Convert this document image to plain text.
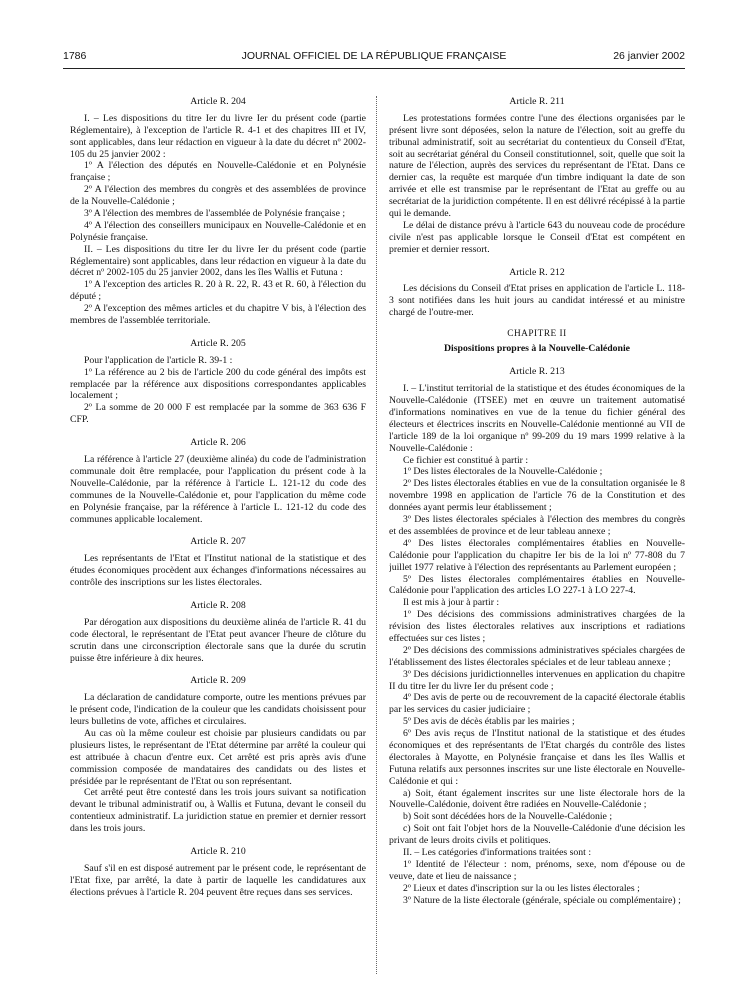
1786	JOURNAL OFFICIEL DE LA RÉPUBLIQUE FRANÇAISE	26 janvier 2002
Article R. 204

I. – Les dispositions du titre Ier du livre Ier du présent code (partie Réglementaire), à l'exception de l'article R. 4-1 et des chapitres III et IV, sont applicables, dans leur rédaction en vigueur à la date du décret nº 2002-105 du 25 janvier 2002 :

1º A l'élection des députés en Nouvelle-Calédonie et en Polynésie française ;

2º A l'élection des membres du congrès et des assemblées de province de la Nouvelle-Calédonie ;

3º A l'élection des membres de l'assemblée de Polynésie française ;

4º A l'élection des conseillers municipaux en Nouvelle-Calédonie et en Polynésie française.

II. – Les dispositions du titre Ier du livre Ier du présent code (partie Réglementaire) sont applicables, dans leur rédaction en vigueur à la date du décret nº 2002-105 du 25 janvier 2002, dans les îles Wallis et Futuna :

1º A l'exception des articles R. 20 à R. 22, R. 43 et R. 60, à l'élection du député ;

2º A l'exception des mêmes articles et du chapitre V bis, à l'élection des membres de l'assemblée territoriale.

Article R. 205

Pour l'application de l'article R. 39-1 :

1º La référence au 2 bis de l'article 200 du code général des impôts est remplacée par la référence aux dispositions correspondantes applicables localement ;

2º La somme de 20 000 F est remplacée par la somme de 363 636 F CFP.

Article R. 206

La référence à l'article 27 (deuxième alinéa) du code de l'administration communale doit être remplacée, pour l'application du présent code à la Nouvelle-Calédonie, par la référence à l'article L. 121-12 du code des communes de la Nouvelle-Calédonie et, pour l'application du même code en Polynésie française, par la référence à l'article L. 121-12 du code des communes applicable localement.

Article R. 207

Les représentants de l'Etat et l'Institut national de la statistique et des études économiques procèdent aux échanges d'informations nécessaires au contrôle des inscriptions sur les listes électorales.

Article R. 208

Par dérogation aux dispositions du deuxième alinéa de l'article R. 41 du code électoral, le représentant de l'Etat peut avancer l'heure de clôture du scrutin dans une circonscription électorale sans que la durée du scrutin puisse être inférieure à dix heures.

Article R. 209

La déclaration de candidature comporte, outre les mentions prévues par le présent code, l'indication de la couleur que les candidats choisissent pour leurs bulletins de vote, affiches et circulaires.

Au cas où la même couleur est choisie par plusieurs candidats ou par plusieurs listes, le représentant de l'Etat détermine par arrêté la couleur qui est attribuée à chacun d'entre eux. Cet arrêté est pris après avis d'une commission composée de mandataires des candidats ou des listes et présidée par le représentant de l'Etat ou son représentant.

Cet arrêté peut être contesté dans les trois jours suivant sa notification devant le tribunal administratif ou, à Wallis et Futuna, devant le conseil du contentieux administratif. La juridiction statue en premier et dernier ressort dans les trois jours.

Article R. 210

Sauf s'il en est disposé autrement par le présent code, le représentant de l'Etat fixe, par arrêté, la date à partir de laquelle les candidatures aux élections prévues à l'article R. 204 peuvent être reçues dans ses services.

Article R. 211

Les protestations formées contre l'une des élections organisées par le présent livre sont déposées, selon la nature de l'élection, soit au greffe du tribunal administratif, soit au secrétariat du contentieux du Conseil d'Etat, soit au secrétariat général du Conseil constitutionnel, soit, quelle que soit la nature de l'élection, auprès des services du représentant de l'Etat. Dans ce dernier cas, la requête est marquée d'un timbre indiquant la date de son arrivée et elle est transmise par le représentant de l'Etat au greffe ou au secrétariat de la juridiction compétente. Il en est délivré récépissé à la partie qui le demande.

Le délai de distance prévu à l'article 643 du nouveau code de procédure civile n'est pas applicable lorsque le Conseil d'Etat est compétent en premier et dernier ressort.

Article R. 212

Les décisions du Conseil d'Etat prises en application de l'article L. 118-3 sont notifiées dans les huit jours au candidat intéressé et au ministre chargé de l'outre-mer.

CHAPITRE II
Dispositions propres à la Nouvelle-Calédonie
Article R. 213

I. – L'institut territorial de la statistique et des études économiques de la Nouvelle-Calédonie (ITSEE) met en œuvre un traitement automatisé d'informations nominatives en vue de la tenue du fichier général des électeurs et électrices inscrits en Nouvelle-Calédonie mentionné au VII de l'article 189 de la loi organique nº 99-209 du 19 mars 1999 relative à la Nouvelle-Calédonie :

Ce fichier est constitué à partir :

1º Des listes électorales de la Nouvelle-Calédonie ;

2º Des listes électorales établies en vue de la consultation organisée le 8 novembre 1998 en application de l'article 76 de la Constitution et des données ayant permis leur établissement ;

3º Des listes électorales spéciales à l'élection des membres du congrès et des assemblées de province et de leur tableau annexe ;

4º Des listes électorales complémentaires établies en Nouvelle-Calédonie pour l'application du chapitre Ier bis de la loi nº 77-808 du 7 juillet 1977 relative à l'élection des représentants au Parlement européen ;

5º Des listes électorales complémentaires établies en Nouvelle-Calédonie pour l'application des articles LO 227-1 à LO 227-4.

Il est mis à jour à partir :

1º Des décisions des commissions administratives chargées de la révision des listes électorales relatives aux inscriptions et radiations effectuées sur ces listes ;

2º Des décisions des commissions administratives spéciales chargées de l'établissement des listes électorales spéciales et de leur tableau annexe ;

3º Des décisions juridictionnelles intervenues en application du chapitre II du titre Ier du livre Ier du présent code ;

4º Des avis de perte ou de recouvrement de la capacité électorale établis par les services du casier judiciaire ;

5º Des avis de décès établis par les mairies ;

6º Des avis reçus de l'Institut national de la statistique et des études économiques et des représentants de l'Etat chargés du contrôle des listes électorales à Mayotte, en Polynésie française et dans les îles Wallis et Futuna relatifs aux personnes inscrites sur une liste électorale en Nouvelle-Calédonie et qui :

a) Soit, étant également inscrites sur une liste électorale hors de la Nouvelle-Calédonie, doivent être radiées en Nouvelle-Calédonie ;

b) Soit sont décédées hors de la Nouvelle-Calédonie ;

c) Soit ont fait l'objet hors de la Nouvelle-Calédonie d'une décision les privant de leurs droits civils et politiques.

II. – Les catégories d'informations traitées sont :

1º Identité de l'électeur : nom, prénoms, sexe, nom d'épouse ou de veuve, date et lieu de naissance ;

2º Lieux et dates d'inscription sur la ou les listes électorales ;

3º Nature de la liste électorale (générale, spéciale ou complémentaire) ;
